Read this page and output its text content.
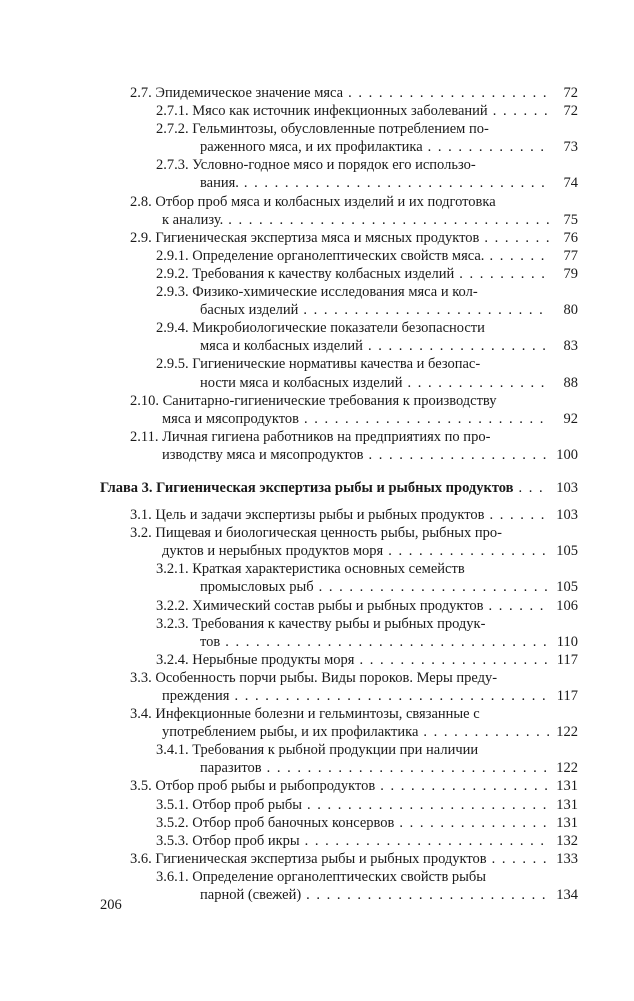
2.7. Эпидемическое значение мяса . . .	72
2.7.1. Мясо как источник инфекционных заболеваний . . .	72
2.7.2. Гельминтозы, обусловленные потреблением по-
раженного мяса, и их профилактика . . .	73
2.7.3. Условно-годное мясо и порядок его использо-
вания. . . .	74
2.8. Отбор проб мяса и колбасных изделий и их подготовка
к анализу. . . .	75
2.9. Гигиеническая экспертиза мяса и мясных продуктов . . .	76
2.9.1. Определение органолептических свойств мяса. . . .	77
2.9.2. Требования к качеству колбасных изделий . . .	79
2.9.3. Физико-химические исследования мяса и кол-
басных изделий . . .	80
2.9.4. Микробиологические показатели безопасности
мяса и колбасных изделий . . .	83
2.9.5. Гигиенические нормативы качества и безопас-
ности мяса и колбасных изделий . . .	88
2.10. Санитарно-гигиенические требования к производству
мяса и мясопродуктов . . .	92
2.11. Личная гигиена работников на предприятиях по про-
изводству мяса и мясопродуктов . . .	100
Глава 3. Гигиеническая экспертиза рыбы и рыбных продуктов . . .	103
3.1. Цель и задачи экспертизы рыбы и рыбных продуктов . . .	103
3.2. Пищевая и биологическая ценность рыбы, рыбных про-
дуктов и нерыбных продуктов моря . . .	105
3.2.1. Краткая характеристика основных семейств
промысловых рыб . . .	105
3.2.2. Химический состав рыбы и рыбных продуктов . . .	106
3.2.3. Требования к качеству рыбы и рыбных продук-
тов . . .	110
3.2.4. Нерыбные продукты моря . . .	117
3.3. Особенность порчи рыбы. Виды пороков. Меры преду-
преждения . . .	117
3.4. Инфекционные болезни и гельминтозы, связанные с
употреблением рыбы, и их профилактика . . .	122
3.4.1. Требования к рыбной продукции при наличии
паразитов . . .	122
3.5. Отбор проб рыбы и рыбопродуктов . . .	131
3.5.1. Отбор проб рыбы . . .	131
3.5.2. Отбор проб баночных консервов . . .	131
3.5.3. Отбор проб икры . . .	132
3.6. Гигиеническая экспертиза рыбы и рыбных продуктов . . .	133
3.6.1. Определение органолептических свойств рыбы
парной (свежей) . . .	134
206
